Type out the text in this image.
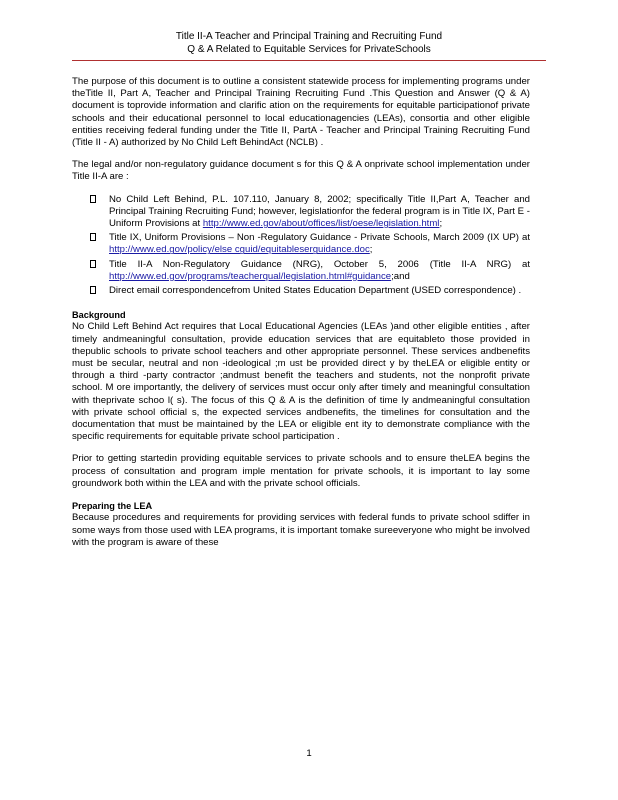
Title II-A Teacher and Principal Training and Recruiting Fund
Q & A Related to Equitable Services for PrivateSchools

The purpose of this document is to outline a consistent statewide process for implementing programs under theTitle II, Part A, Teacher and Principal Training Recruiting Fund .This Question and Answer (Q & A) document is toprovide information and clarific ation on the requirements for equitable participationof private schools and their educational personnel to local educationagencies (LEAs), consortia and other eligible entities receiving federal funding under the Title II, PartA - Teacher and Principal Training Recruiting Fund (Title II - A) authorized by No Child Left BehindAct (NCLB) .

The legal and/or non-regulatory guidance document s for this Q & A onprivate school implementation under Title II-A are :

No Child Left Behind, P.L. 107.110, January 8, 2002; specifically Title II,Part A, Teacher and Principal Training Recruiting Fund; however, legislationfor the federal program is in Title IX, Part E - Uniform Provisions at http://www.ed.gov/about/offices/list/oese/legislation.html;
Title IX, Uniform Provisions – Non -Regulatory Guidance - Private Schools, March 2009 (IX UP) at http://www.ed.gov/policy/else cguid/equitableserguidance.doc;
Title II-A Non-Regulatory Guidance (NRG), October 5, 2006 (Title II-A NRG) at http://www.ed.gov/programs/teacherqual/legislation.html#guidance;and
Direct email correspondencefrom United States Education Department (USED correspondence) .
Background

No Child Left Behind Act requires that Local Educational Agencies (LEAs )and other eligible entities , after timely andmeaningful consultation, provide education services that are equitableto those provided in thepublic schools to private school teachers and other appropriate personnel. These services andbenefits must be secular, neutral and non -ideological ;m ust be provided direct y by theLEA or eligible entity or through a third -party contractor ;andmust benefit the teachers and students, not the nonprofit private school. M ore importantly, the delivery of services must occur only after timely and meaningful consultation with theprivate schoo l( s). The focus of this Q & A is the definition of time ly andmeaningful consultation with private school official s, the expected services andbenefits, the timelines for consultation and the documentation that must be maintained by the LEA or eligible ent ity to demonstrate compliance with the specific requirements for equitable private school participation .

Prior to getting startedin providing equitable services to private schools and to ensure theLEA begins the process of consultation and program imple mentation for private schools, it is important to lay some groundwork both within the LEA and with the private school officials.

Preparing the LEA

Because procedures and requirements for providing services with federal funds to private school sdiffer in some ways from those used with LEA programs, it is important tomake sureeveryone who might be involved with the program is aware of these

1
